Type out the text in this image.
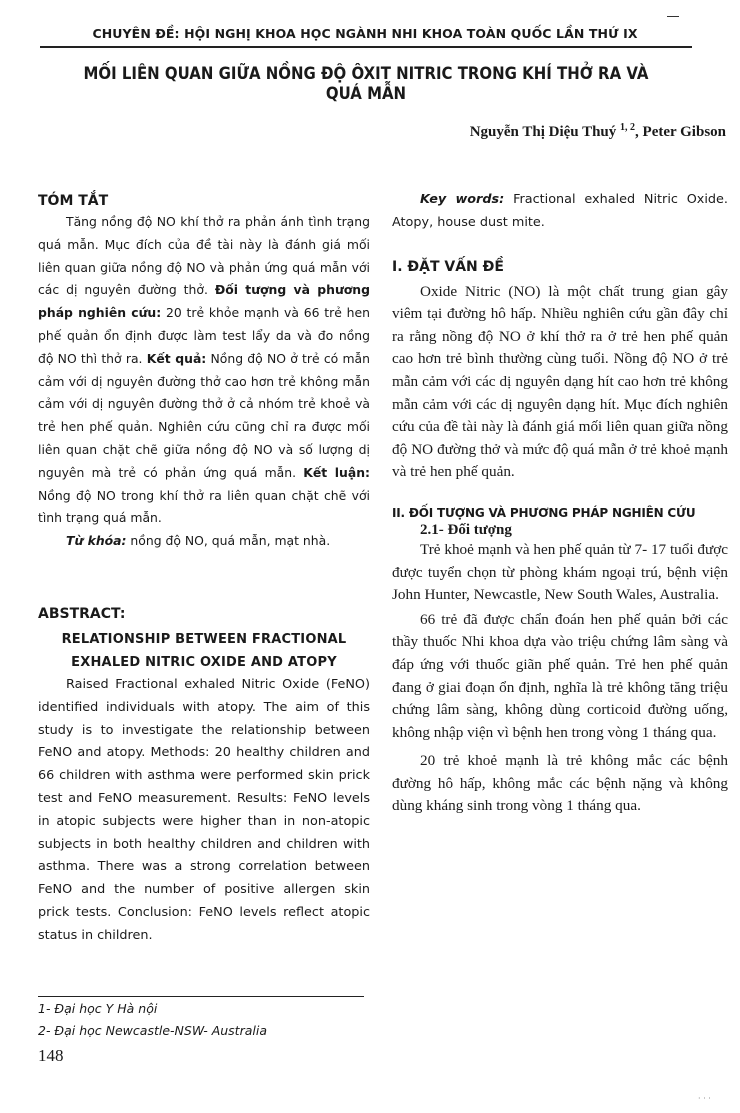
CHUYÊN ĐỀ: HỘI NGHỊ KHOA HỌC NGÀNH NHI KHOA TOÀN QUỐC LẦN THỨ IX
MỐI LIÊN QUAN GIỮA NỒNG ĐỘ ÔXIT NITRIC TRONG KHÍ THỞ RA VÀ QUÁ MẪN
Nguyễn Thị Diệu Thuý $^{1, 2}$, Peter Gibson
TÓM TẮT

Tăng nồng độ NO khí thở ra phản ánh tình trạng quá mẫn. Mục đích của đề tài này là đánh giá mối liên quan giữa nồng độ NO và phản ứng quá mẫn với các dị nguyên đường thở. Đối tượng và phương pháp nghiên cứu: 20 trẻ khỏe mạnh và 66 trẻ hen phế quản ổn định được làm test lẩy da và đo nồng độ NO thì thở ra. Kết quả: Nồng độ NO ở trẻ có mẫn cảm với dị nguyên đường thở cao hơn trẻ không mẫn cảm với dị nguyên đường thở ở cả nhóm trẻ khoẻ và trẻ hen phế quản. Nghiên cứu cũng chỉ ra được mối liên quan chặt chẽ giữa nồng độ NO và số lượng dị nguyên mà trẻ có phản ứng quá mẫn. Kết luận: Nồng độ NO trong khí thở ra liên quan chặt chẽ với tình trạng quá mẫn.

Từ khóa: nồng độ NO, quá mẫn, mạt nhà.

ABSTRACT:
RELATIONSHIP BETWEEN FRACTIONAL
EXHALED NITRIC OXIDE AND ATOPY

Raised Fractional exhaled Nitric Oxide (FeNO) identified individuals with atopy. The aim of this study is to investigate the relationship between FeNO and atopy. Methods: 20 healthy children and 66 children with asthma were performed skin prick test and FeNO measurement. Results: FeNO levels in atopic subjects were higher than in non-atopic subjects in both healthy children and children with asthma. There was a strong correlation between FeNO and the number of positive allergen skin prick tests. Conclusion: FeNO levels reflect atopic status in children.

1- Đại học Y Hà nội
2- Đại học Newcastle-NSW- Australia
148

Key words: Fractional exhaled Nitric Oxide. Atopy, house dust mite.

I. ĐẶT VẤN ĐỀ

Oxide Nitric (NO) là một chất trung gian gây viêm tại đường hô hấp. Nhiều nghiên cứu gần đây chỉ ra rằng nồng độ NO ở khí thở ra ở trẻ hen phế quản cao hơn trẻ bình thường cùng tuổi. Nồng độ NO ở trẻ mẫn cảm với các dị nguyên dạng hít cao hơn trẻ không mẫn cảm với các dị nguyên dạng hít. Mục đích nghiên cứu của đề tài này là đánh giá mối liên quan giữa nồng độ NO đường thở và mức độ quá mẫn ở trẻ khoẻ mạnh và trẻ hen phế quản.

II. ĐỐI TƯỢNG VÀ PHƯƠNG PHÁP NGHIÊN CỨU
2.1- Đối tượng

Trẻ khoẻ mạnh và hen phế quản từ 7- 17 tuổi được được tuyển chọn từ phòng khám ngoại trú, bệnh viện John Hunter, Newcastle, New South Wales, Australia.

66 trẻ đã được chẩn đoán hen phế quản bởi các thầy thuốc Nhi khoa dựa vào triệu chứng lâm sàng và đáp ứng với thuốc giãn phế quản. Trẻ hen phế quản đang ở giai đoạn ổn định, nghĩa là trẻ không tăng triệu chứng lâm sàng, không dùng corticoid đường uống, không nhập viện vì bệnh hen trong vòng 1 tháng qua.

20 trẻ khoẻ mạnh là trẻ không mắc các bệnh đường hô hấp, không mắc các bệnh nặng và không dùng kháng sinh trong vòng 1 tháng qua.

· · ·
